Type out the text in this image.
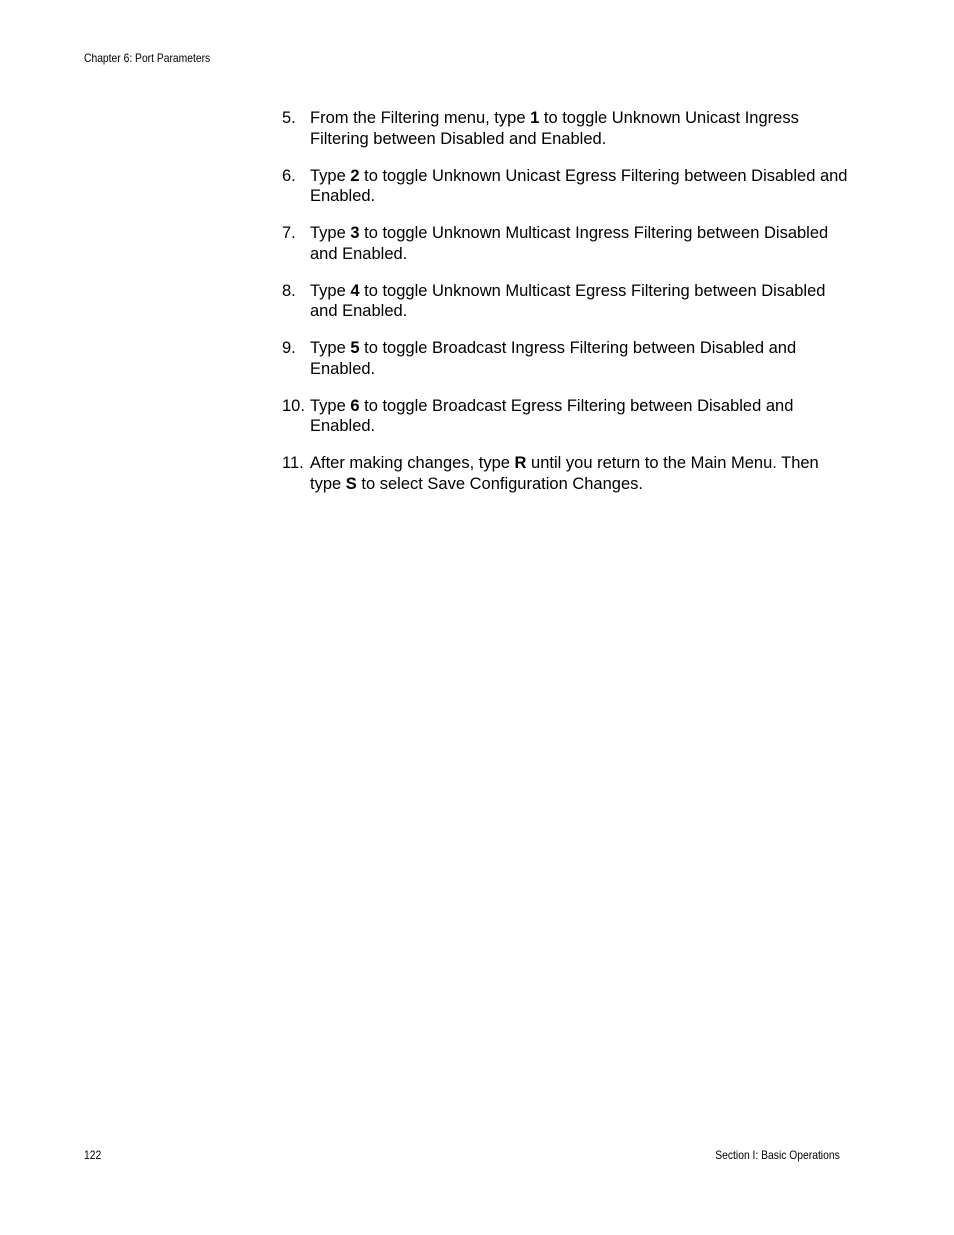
Chapter 6: Port Parameters
5. From the Filtering menu, type 1 to toggle Unknown Unicast Ingress Filtering between Disabled and Enabled.
6. Type 2 to toggle Unknown Unicast Egress Filtering between Disabled and Enabled.
7. Type 3 to toggle Unknown Multicast Ingress Filtering between Disabled and Enabled.
8. Type 4 to toggle Unknown Multicast Egress Filtering between Disabled and Enabled.
9. Type 5 to toggle Broadcast Ingress Filtering between Disabled and Enabled.
10. Type 6 to toggle Broadcast Egress Filtering between Disabled and Enabled.
11. After making changes, type R until you return to the Main Menu. Then type S to select Save Configuration Changes.
122	Section I: Basic Operations
